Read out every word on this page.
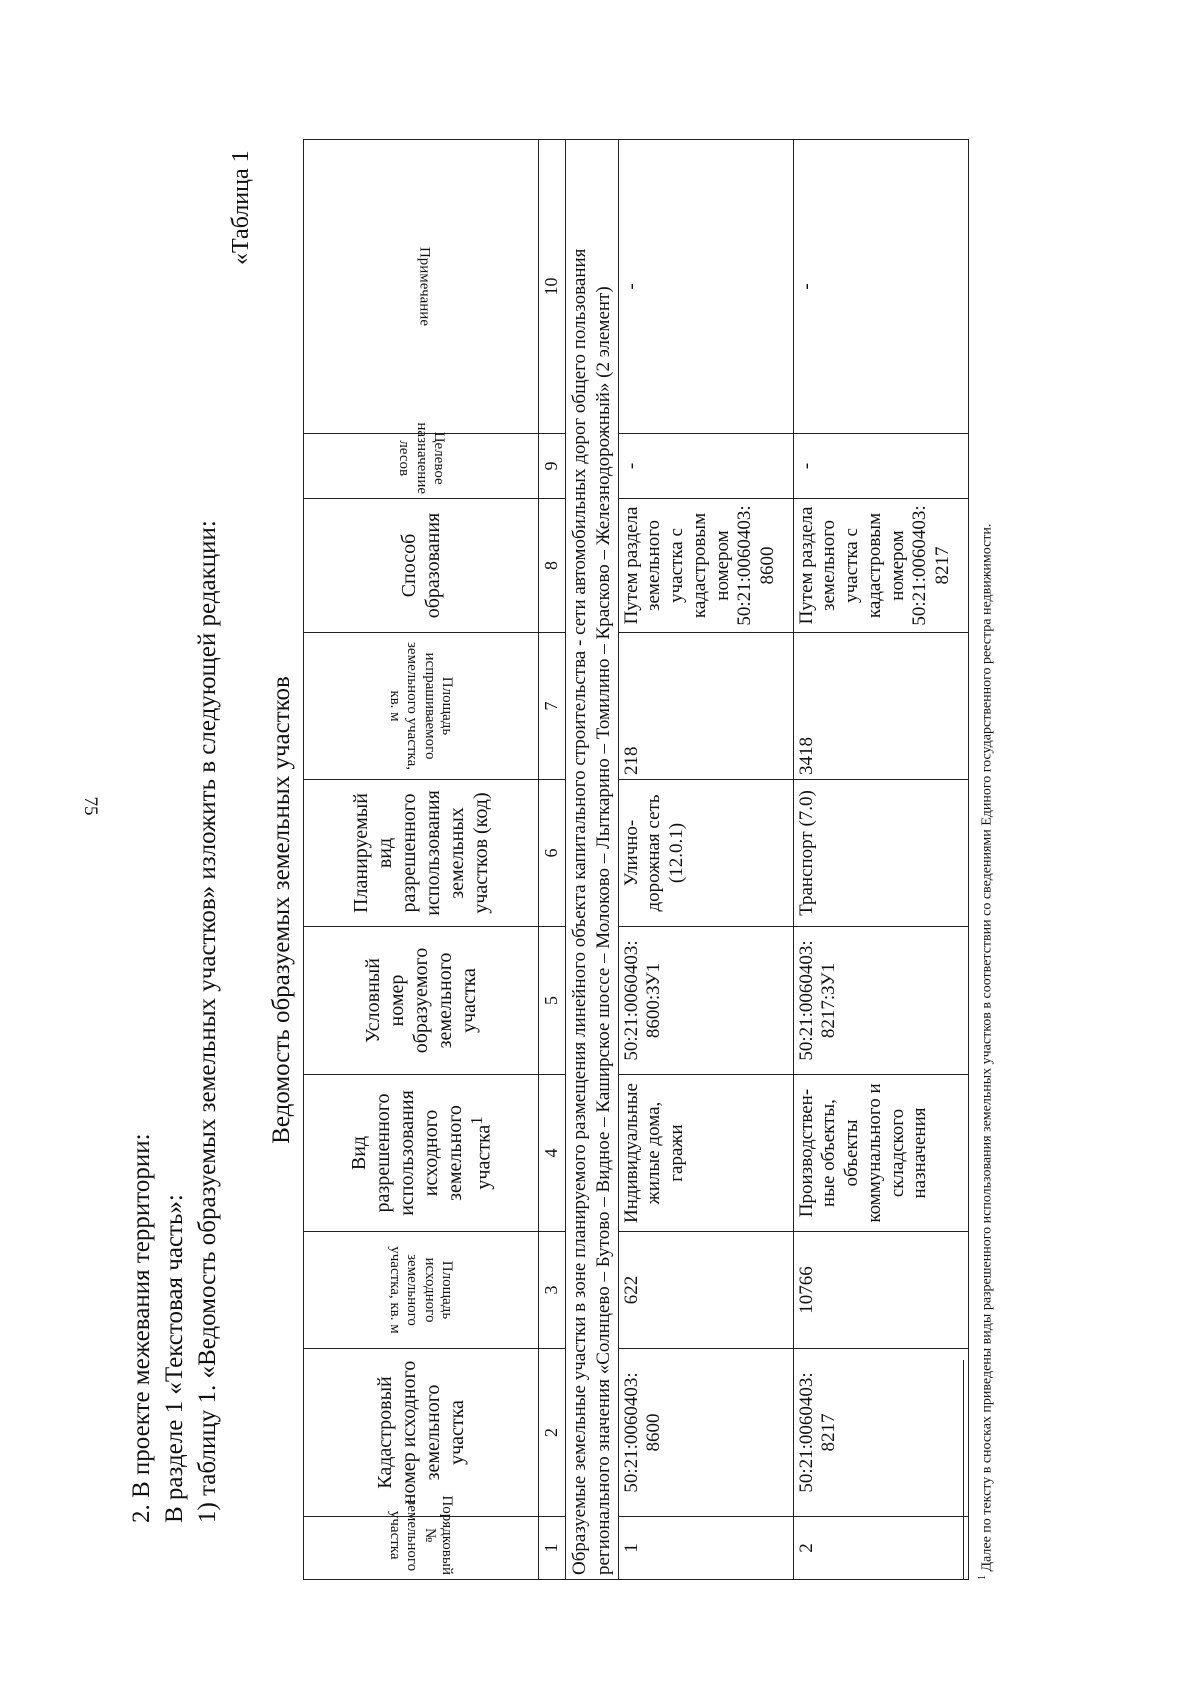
75
2. В проекте межевания территории: В разделе 1 «Текстовая часть»: 1) таблицу 1. «Ведомость образуемых земельных участков» изложить в следующей редакции:
«Таблица 1
Ведомость образуемых земельных участков
Порядковый № земельного участка	Кадастровый номер исходного земельного участка	Площадь исходного земельного участка, кв. м	Вид разрешенного использования исходного земельного участка$^1$	Условный номер образуемого земельного участка	Планируемый вид разрешенного использования земельных участков (код)	Площадь испрашиваемого земельного участка, кв. м	Способ образования	Целевое назначение лесов	Примечание
1	2	3	4	5	6	7	8	9	10
Образуемые земельные участки в зоне планируемого размещения линейного объекта капитального строительства - сети автомобильных дорог общего пользования регионального значения «Солнцево – Бутово – Видное – Каширское шоссе – Молоково – Лыткарино – Томилино – Красково – Железнодорожный» (2 элемент)									
1	50:21:0060403: 8600	622	Индивидуальные жилые дома, гаражи	50:21:0060403: 8600:ЗУ1	Улично-дорожная сеть (12.0.1)	218	Путем раздела земельного участка с кадастровым номером 50:21:0060403: 8600	-	-
2	50:21:0060403: 8217	10766	Производствен-ные объекты, объекты коммунального и складского назначения	50:21:0060403: 8217:ЗУ1	Транспорт (7.0)	3418	Путем раздела земельного участка с кадастровым номером 50:21:0060403: 8217	-	-
$^1$ Далее по тексту в сносках приведены виды разрешенного использования земельных участков в соответствии со сведениями Единого государственного реестра недвижимости.
